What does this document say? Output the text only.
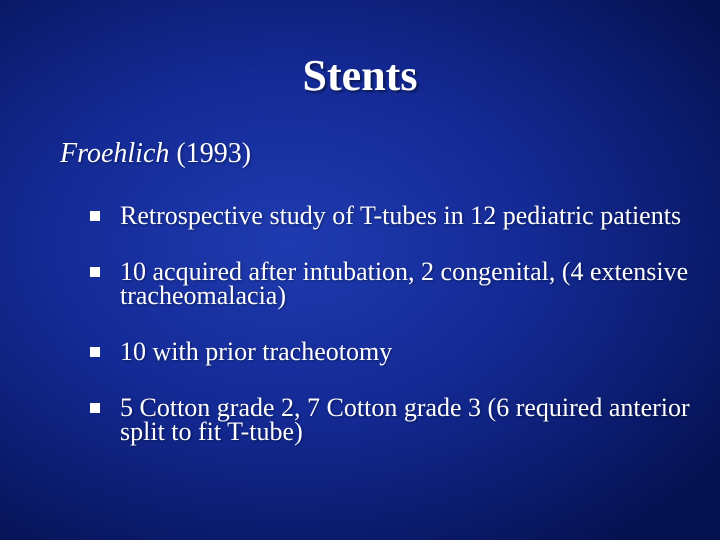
Stents
Froehlich (1993)
Retrospective study of T-tubes in 12 pediatric patients
10 acquired after intubation, 2 congenital, (4 extensive tracheomalacia)
10 with prior tracheotomy
5 Cotton grade 2, 7 Cotton grade 3 (6 required anterior split to fit T-tube)
